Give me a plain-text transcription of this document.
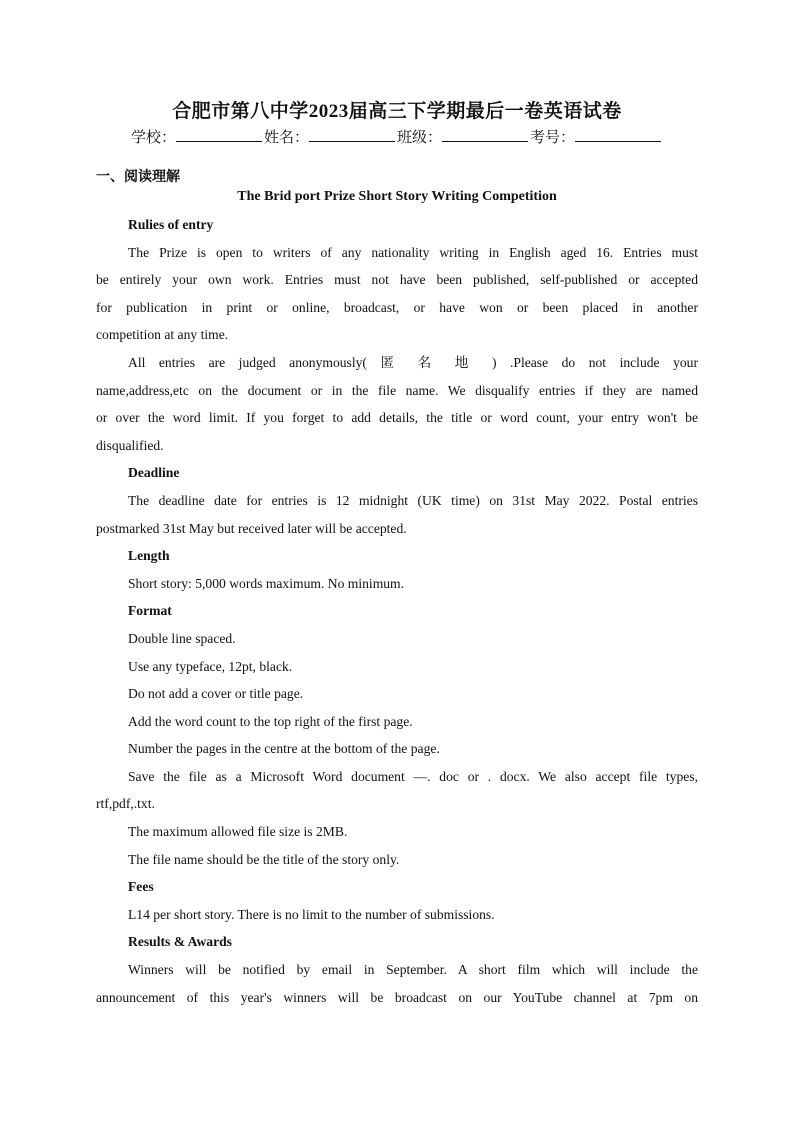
合肥市第八中学2023届高三下学期最后一卷英语试卷
学校：	姓名：	班级：	考号：
一、阅读理解
The Brid port Prize Short Story Writing Competition

Rulies of entry

The Prize is open to writers of any nationality writing in English aged 16. Entries must

be entirely your own work. Entries must not have been published, self-published or accepted

for publication in print or online, broadcast, or have won or been placed in another

competition at any time.

All entries are judged anonymously( 匿 名 地 ) .Please do not include your

name,address,etc on the document or in the file name. We disqualify entries if they are named

or over the word limit. If you forget to add details, the title or word count, your entry won't be

disqualified.

Deadline

The deadline date for entries is 12 midnight (UK time) on 31st May 2022. Postal entries

postmarked 31st May but received later will be accepted.

Length

Short story: 5,000 words maximum. No minimum.

Format

Double line spaced.

Use any typeface, 12pt, black.

Do not add a cover or title page.

Add the word count to the top right of the first page.

Number the pages in the centre at the bottom of the page.

Save the file as a Microsoft Word document —. doc or . docx. We also accept file types,

rtf,pdf,.txt.

The maximum allowed file size is 2MB.

The file name should be the title of the story only.

Fees

L14 per short story. There is no limit to the number of submissions.

Results & Awards

Winners will be notified by email in September. A short film which will include the

announcement of this year's winners will be broadcast on our YouTube channel at 7pm on
